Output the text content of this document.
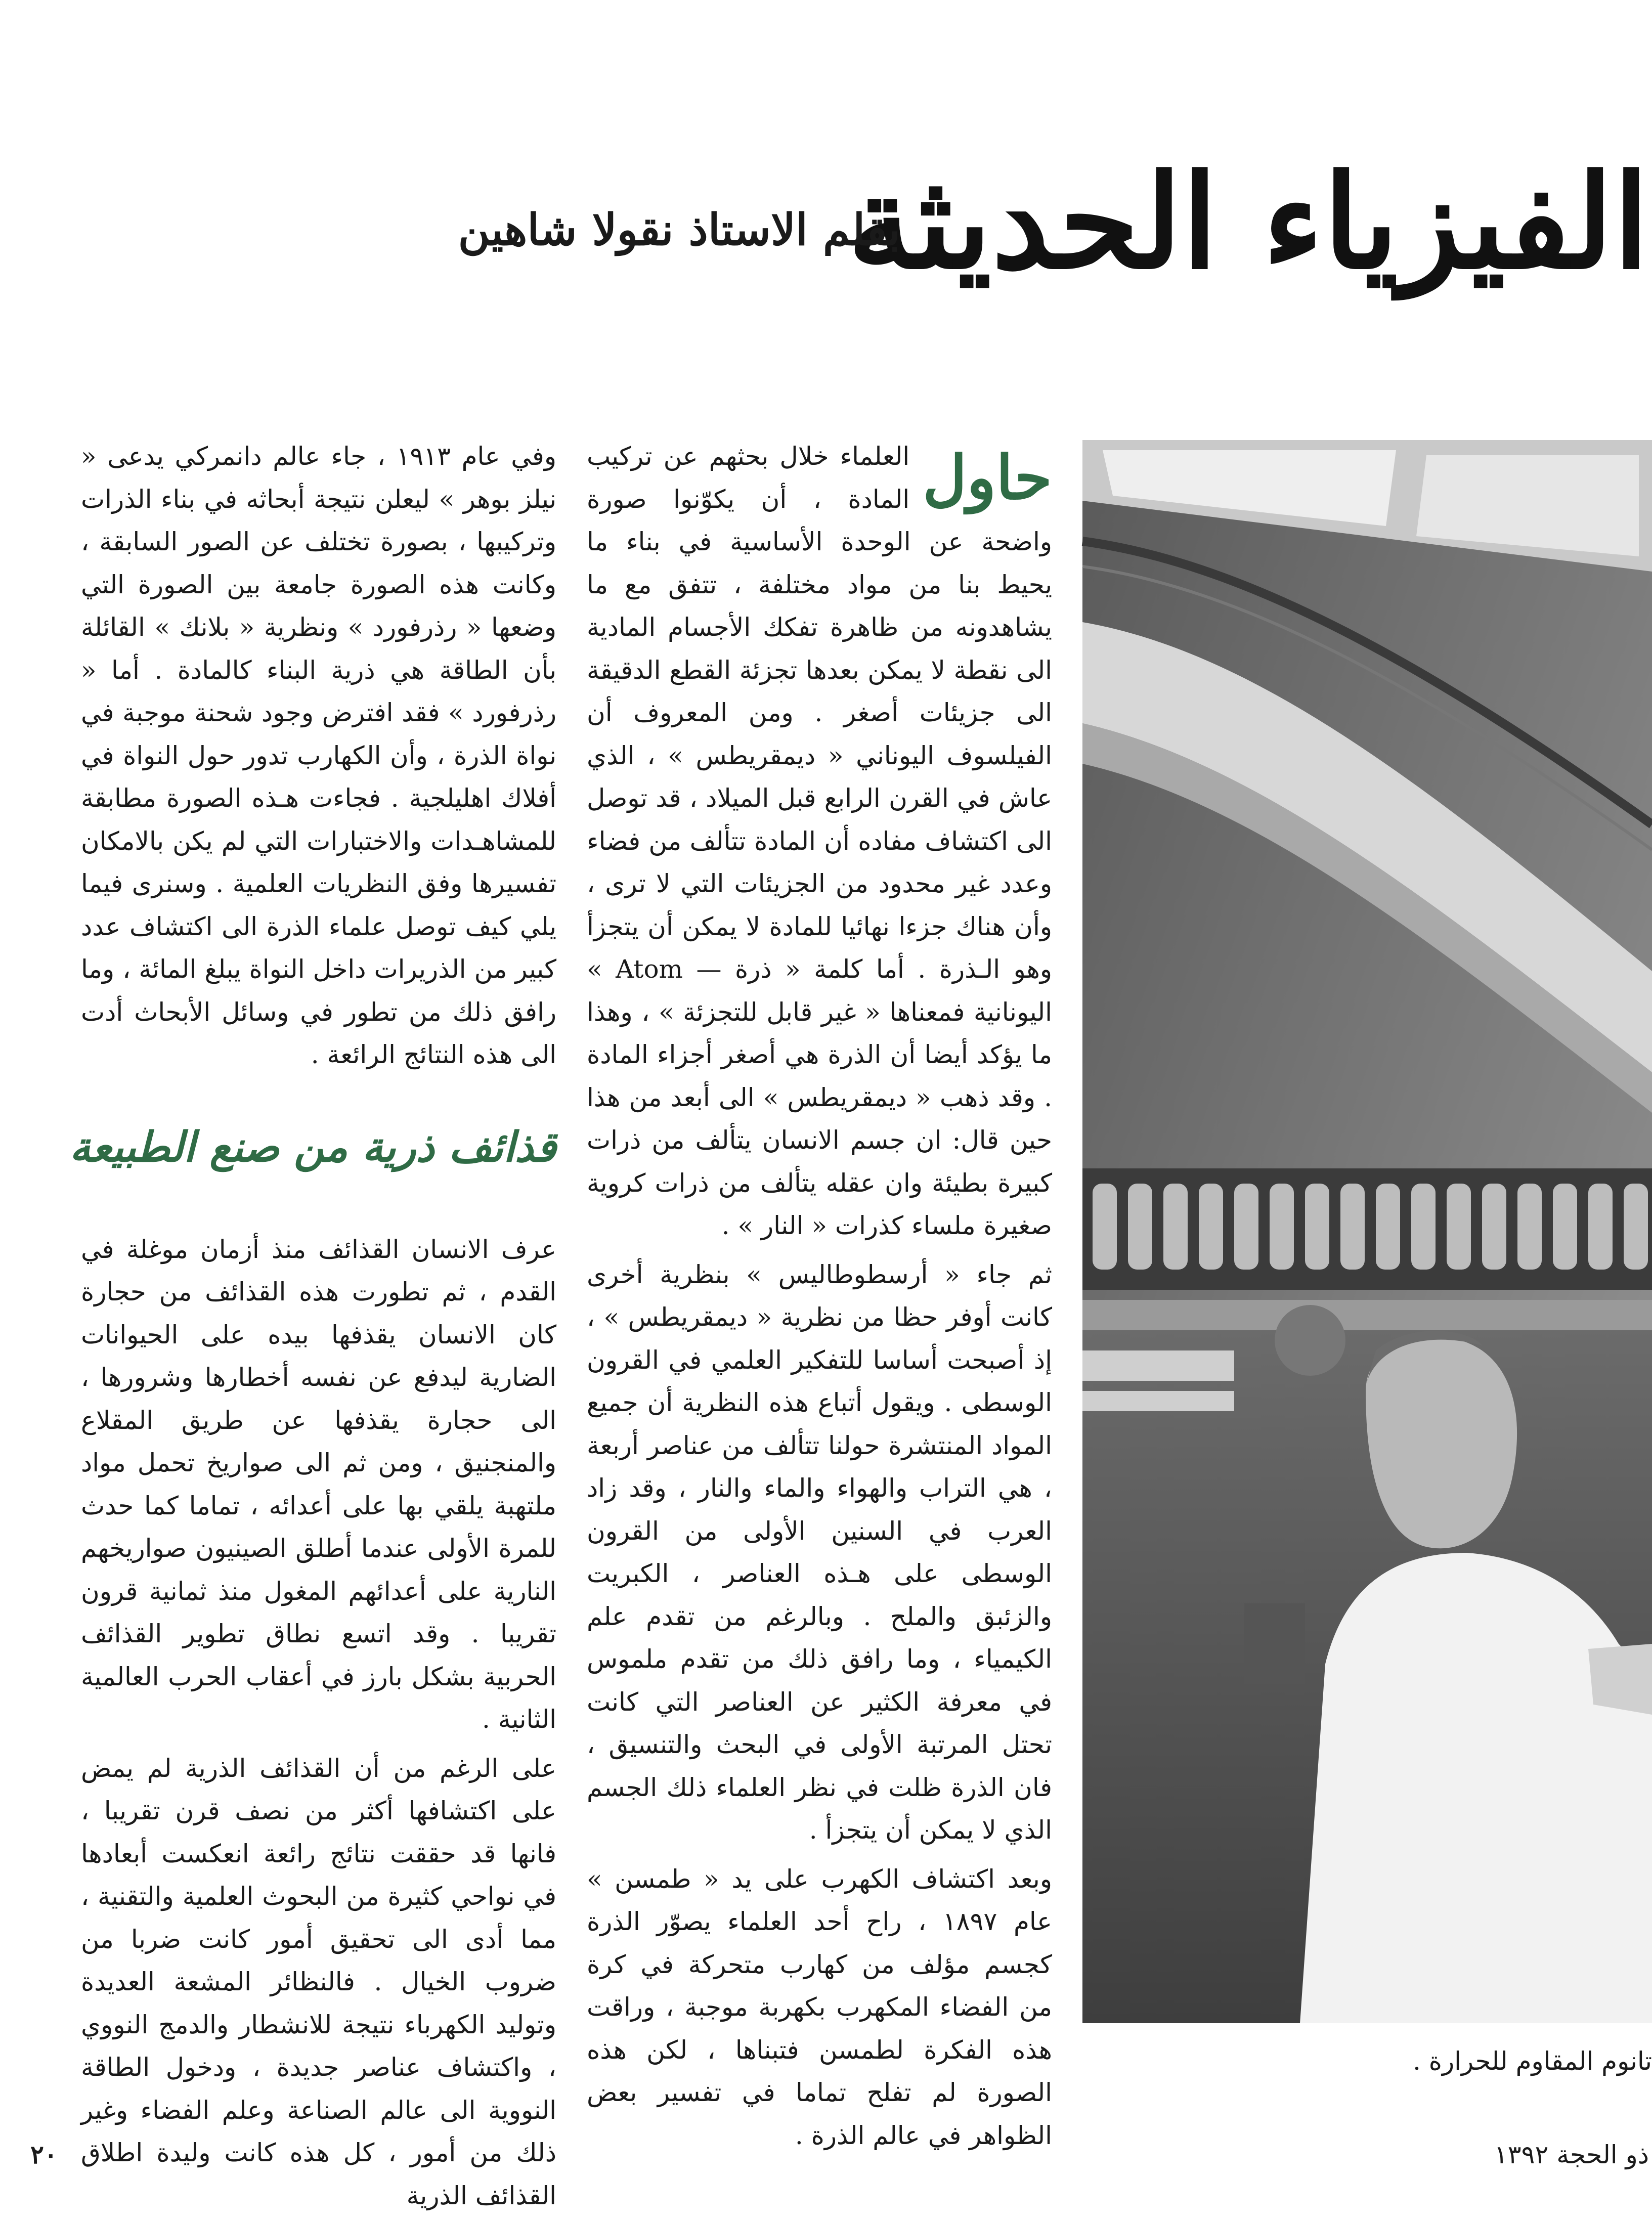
الفيزياء الحديثة
بقلم الاستاذ نقولا شاهين
تانوم المقاوم للحرارة .
حاول

العلماء خلال بحثهم عن تركيب المادة ، أن يكوّنوا صورة واضحة عن الوحدة الأساسية في بناء ما يحيط بنا من مواد مختلفة ، تتفق مع ما يشاهدونه من ظاهرة تفكك الأجسام المادية الى نقطة لا يمكن بعدها تجزئة القطع الدقيقة الى جزيئات أصغر . ومن المعروف أن الفيلسوف اليوناني « ديمقريطس » ، الذي عاش في القرن الرابع قبل الميلاد ، قد توصل الى اكتشاف مفاده أن المادة تتألف من فضاء وعدد غير محدود من الجزيئات التي لا ترى ، وأن هناك جزءا نهائيا للمادة لا يمكن أن يتجزأ وهو الـذرة . أما كلمة « ذرة — Atom » اليونانية فمعناها « غير قابل للتجزئة » ، وهذا ما يؤكد أيضا أن الذرة هي أصغر أجزاء المادة . وقد ذهب « ديمقريطس » الى أبعد من هذا حين قال: ان جسم الانسان يتألف من ذرات كبيرة بطيئة وان عقله يتألف من ذرات كروية صغيرة ملساء كذرات « النار » .

ثم جاء « أرسطوطاليس » بنظرية أخرى كانت أوفر حظا من نظرية « ديمقريطس » ، إذ أصبحت أساسا للتفكير العلمي في القرون الوسطى . ويقول أتباع هذه النظرية أن جميع المواد المنتشرة حولنا تتألف من عناصر أربعة ، هي التراب والهواء والماء والنار ، وقد زاد العرب في السنين الأولى من القرون الوسطى على هـذه العناصر ، الكبريت والزئبق والملح . وبالرغم من تقدم علم الكيمياء ، وما رافق ذلك من تقدم ملموس في معرفة الكثير عن العناصر التي كانت تحتل المرتبة الأولى في البحث والتنسيق ، فان الذرة ظلت في نظر العلماء ذلك الجسم الذي لا يمكن أن يتجزأ .

وبعد اكتشاف الكهرب على يد « طمسن » عام ١٨٩٧ ، راح أحد العلماء يصوّر الذرة كجسم مؤلف من كهارب متحركة في كرة من الفضاء المكهرب بكهربة موجبة ، وراقت هذه الفكرة لطمسن فتبناها ، لكن هذه الصورة لم تفلح تماما في تفسير بعض الظواهر في عالم الذرة .

وفي عام ١٩١٣ ، جاء عالم دانمركي يدعى « نيلز بوهر » ليعلن نتيجة أبحاثه في بناء الذرات وتركيبها ، بصورة تختلف عن الصور السابقة ، وكانت هذه الصورة جامعة بين الصورة التي وضعها « رذرفورد » ونظرية « بلانك » القائلة بأن الطاقة هي ذرية البناء كالمادة . أما « رذرفورد » فقد افترض وجود شحنة موجبة في نواة الذرة ، وأن الكهارب تدور حول النواة في أفلاك اهليلجية . فجاءت هـذه الصورة مطابقة للمشاهـدات والاختبارات التي لم يكن بالامكان تفسيرها وفق النظريات العلمية . وسنرى فيما يلي كيف توصل علماء الذرة الى اكتشاف عدد كبير من الذريرات داخل النواة يبلغ المائة ، وما رافق ذلك من تطور في وسائل الأبحاث أدت الى هذه النتائج الرائعة .

قذائف ذرية من صنع الطبيعة

عرف الانسان القذائف منذ أزمان موغلة في القدم ، ثم تطورت هذه القذائف من حجارة كان الانسان يقذفها بيده على الحيوانات الضارية ليدفع عن نفسه أخطارها وشرورها ، الى حجارة يقذفها عن طريق المقلاع والمنجنيق ، ومن ثم الى صواريخ تحمل مواد ملتهبة يلقي بها على أعدائه ، تماما كما حدث للمرة الأولى عندما أطلق الصينيون صواريخهم النارية على أعدائهم المغول منذ ثمانية قرون تقريبا . وقد اتسع نطاق تطوير القذائف الحربية بشكل بارز في أعقاب الحرب العالمية الثانية .

على الرغم من أن القذائف الذرية لم يمض على اكتشافها أكثر من نصف قرن تقريبا ، فانها قد حققت نتائج رائعة انعكست أبعادها في نواحي كثيرة من البحوث العلمية والتقنية ، مما أدى الى تحقيق أمور كانت ضربا من ضروب الخيال . فالنظائر المشعة العديدة وتوليد الكهرباء نتيجة للانشطار والدمج النووي ، واكتشاف عناصر جديدة ، ودخول الطاقة النووية الى عالم الصناعة وعلم الفضاء وغير ذلك من أمور ، كل هذه كانت وليدة اطلاق القذائف الذرية

ذو الحجة ١٣٩٢
٢٠
